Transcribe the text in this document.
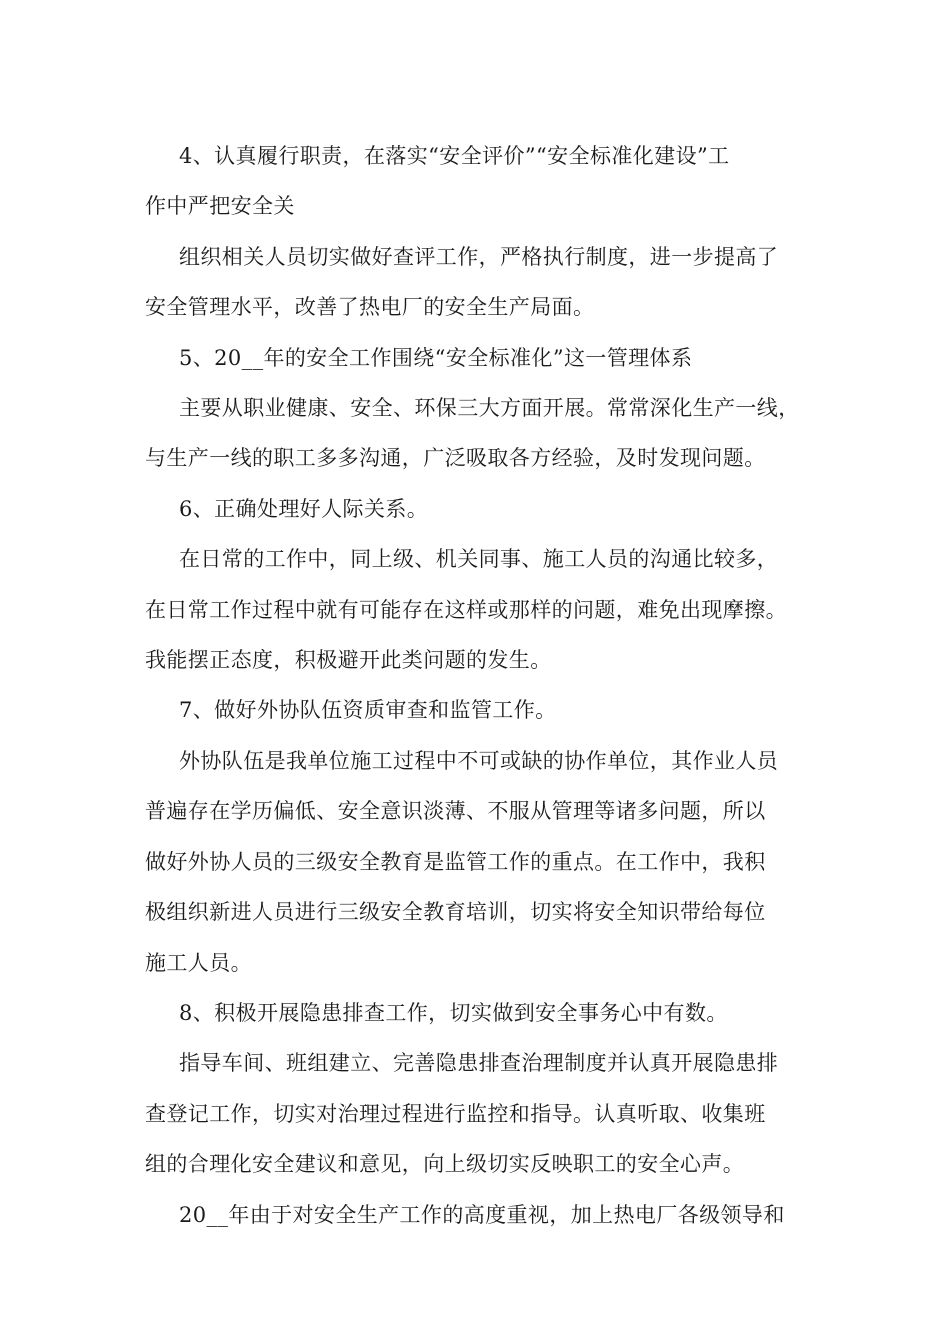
4、认真履行职责，在落实“安全评价”“安全标准化建设”工
作中严把安全关

组织相关人员切实做好查评工作，严格执行制度，进一步提高了
安全管理水平，改善了热电厂的安全生产局面。

5、20__年的安全工作围绕“安全标准化”这一管理体系

主要从职业健康、安全、环保三大方面开展。常常深化生产一线，
与生产一线的职工多多沟通，广泛吸取各方经验，及时发现问题。

6、正确处理好人际关系。

在日常的工作中，同上级、机关同事、施工人员的沟通比较多，
在日常工作过程中就有可能存在这样或那样的问题，难免出现摩擦。
我能摆正态度，积极避开此类问题的发生。

7、做好外协队伍资质审查和监管工作。

外协队伍是我单位施工过程中不可或缺的协作单位，其作业人员
普遍存在学历偏低、安全意识淡薄、不服从管理等诸多问题，所以
做好外协人员的三级安全教育是监管工作的重点。在工作中，我积
极组织新进人员进行三级安全教育培训，切实将安全知识带给每位
施工人员。

8、积极开展隐患排查工作，切实做到安全事务心中有数。

指导车间、班组建立、完善隐患排查治理制度并认真开展隐患排
查登记工作，切实对治理过程进行监控和指导。认真听取、收集班
组的合理化安全建议和意见，向上级切实反映职工的安全心声。

20__年由于对安全生产工作的高度重视，加上热电厂各级领导和
